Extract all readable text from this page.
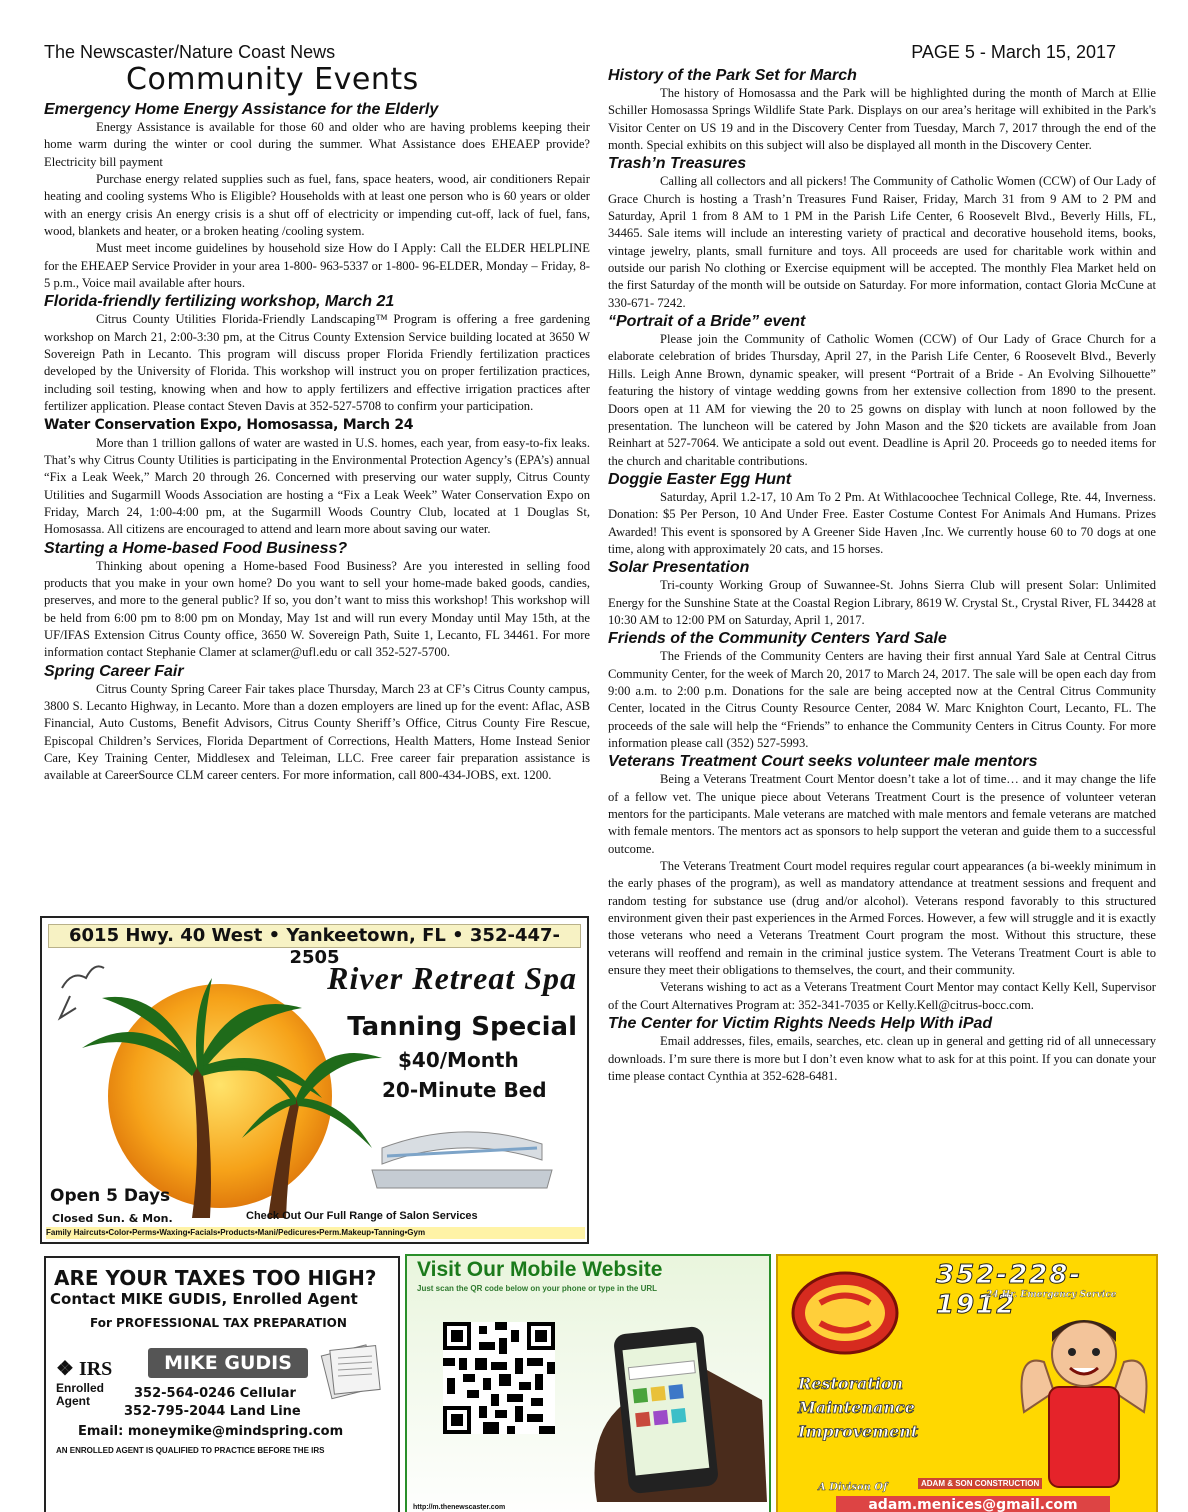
The Newscaster/Nature Coast News	PAGE 5 - March 15, 2017
Community Events
Emergency Home Energy Assistance for the Elderly

Energy Assistance is available for those 60 and older who are having problems keeping their home warm during the winter or cool during the summer. What Assistance does EHEAEP provide? Electricity bill payment

Purchase energy related supplies such as fuel, fans, space heaters, wood, air conditioners Repair heating and cooling systems Who is Eligible? Households with at least one person who is 60 years or older with an energy crisis An energy crisis is a shut off of electricity or impending cut-off, lack of fuel, fans, wood, blankets and heater, or a broken heating /cooling system.

Must meet income guidelines by household size How do I Apply: Call the ELDER HELPLINE for the EHEAEP Service Provider in your area 1-800- 963-5337 or 1-800- 96-ELDER, Monday – Friday, 8-5 p.m., Voice mail available after hours.

Florida-friendly fertilizing workshop, March 21

Citrus County Utilities Florida-Friendly Landscaping™ Program is offering a free gardening workshop on March 21, 2:00-3:30 pm, at the Citrus County Extension Service building located at 3650 W Sovereign Path in Lecanto. This program will discuss proper Florida Friendly fertilization practices developed by the University of Florida. This workshop will instruct you on proper fertilization practices, including soil testing, knowing when and how to apply fertilizers and effective irrigation practices after fertilizer application. Please contact Steven Davis at 352-527-5708 to confirm your participation.

Water Conservation Expo, Homosassa, March 24

More than 1 trillion gallons of water are wasted in U.S. homes, each year, from easy-to-fix leaks. That’s why Citrus County Utilities is participating in the Environmental Protection Agency’s (EPA’s) annual “Fix a Leak Week,” March 20 through 26. Concerned with preserving our water supply, Citrus County Utilities and Sugarmill Woods Association are hosting a “Fix a Leak Week” Water Conservation Expo on Friday, March 24, 1:00-4:00 pm, at the Sugarmill Woods Country Club, located at 1 Douglas St, Homosassa. All citizens are encouraged to attend and learn more about saving our water.

Starting a Home-based Food Business?

Thinking about opening a Home-based Food Business? Are you interested in selling food products that you make in your own home? Do you want to sell your home-made baked goods, candies, preserves, and more to the general public? If so, you don’t want to miss this workshop! This workshop will be held from 6:00 pm to 8:00 pm on Monday, May 1st and will run every Monday until May 15th, at the UF/IFAS Extension Citrus County office, 3650 W. Sovereign Path, Suite 1, Lecanto, FL 34461. For more information contact Stephanie Clamer at sclamer@ufl.edu or call 352-527-5700.

Spring Career Fair

Citrus County Spring Career Fair takes place Thursday, March 23 at CF’s Citrus County campus, 3800 S. Lecanto Highway, in Lecanto. More than a dozen employers are lined up for the event: Aflac, ASB Financial, Auto Customs, Benefit Advisors, Citrus County Sheriff’s Office, Citrus County Fire Rescue, Episcopal Children’s Services, Florida Department of Corrections, Health Matters, Home Instead Senior Care, Key Training Center, Middlesex and Teleiman, LLC. Free career fair preparation assistance is available at CareerSource CLM career centers. For more information, call 800-434-JOBS, ext. 1200.

History of the Park Set for March

The history of Homosassa and the Park will be highlighted during the month of March at Ellie Schiller Homosassa Springs Wildlife State Park. Displays on our area’s heritage will exhibited in the Park's Visitor Center on US 19 and in the Discovery Center from Tuesday, March 7, 2017 through the end of the month. Special exhibits on this subject will also be displayed all month in the Discovery Center.

Trash’n Treasures

Calling all collectors and all pickers! The Community of Catholic Women (CCW) of Our Lady of Grace Church is hosting a Trash’n Treasures Fund Raiser, Friday, March 31 from 9 AM to 2 PM and Saturday, April 1 from 8 AM to 1 PM in the Parish Life Center, 6 Roosevelt Blvd., Beverly Hills, FL, 34465. Sale items will include an interesting variety of practical and decorative household items, books, vintage jewelry, plants, small furniture and toys. All proceeds are used for charitable work within and outside our parish No clothing or Exercise equipment will be accepted. The monthly Flea Market held on the first Saturday of the month will be outside on Saturday. For more information, contact Gloria McCune at 330-671- 7242.

“Portrait of a Bride” event

Please join the Community of Catholic Women (CCW) of Our Lady of Grace Church for a elaborate celebration of brides Thursday, April 27, in the Parish Life Center, 6 Roosevelt Blvd., Beverly Hills. Leigh Anne Brown, dynamic speaker, will present “Portrait of a Bride - An Evolving Silhouette” featuring the history of vintage wedding gowns from her extensive collection from 1890 to the present. Doors open at 11 AM for viewing the 20 to 25 gowns on display with lunch at noon followed by the presentation. The luncheon will be catered by John Mason and the $20 tickets are available from Joan Reinhart at 527-7064. We anticipate a sold out event. Deadline is April 20. Proceeds go to needed items for the church and charitable contributions.

Doggie Easter Egg Hunt

Saturday, April 1.2-17, 10 Am To 2 Pm. At Withlacoochee Technical College, Rte. 44, Inverness. Donation: $5 Per Person, 10 And Under Free. Easter Costume Contest For Animals And Humans. Prizes Awarded! This event is sponsored by A Greener Side Haven ,Inc. We currently house 60 to 70 dogs at one time, along with approximately 20 cats, and 15 horses.

Solar Presentation

Tri-county Working Group of Suwannee-St. Johns Sierra Club will present Solar: Unlimited Energy for the Sunshine State at the Coastal Region Library, 8619 W. Crystal St., Crystal River, FL 34428 at 10:30 AM to 12:00 PM on Saturday, April 1, 2017.

Friends of the Community Centers Yard Sale

The Friends of the Community Centers are having their first annual Yard Sale at Central Citrus Community Center, for the week of March 20, 2017 to March 24, 2017. The sale will be open each day from 9:00 a.m. to 2:00 p.m. Donations for the sale are being accepted now at the Central Citrus Community Center, located in the Citrus County Resource Center, 2084 W. Marc Knighton Court, Lecanto, FL. The proceeds of the sale will help the “Friends” to enhance the Community Centers in Citrus County. For more information please call (352) 527-5993.

Veterans Treatment Court seeks volunteer male mentors

Being a Veterans Treatment Court Mentor doesn’t take a lot of time… and it may change the life of a fellow vet. The unique piece about Veterans Treatment Court is the presence of volunteer veteran mentors for the participants. Male veterans are matched with male mentors and female veterans are matched with female mentors. The mentors act as sponsors to help support the veteran and guide them to a successful outcome.

The Veterans Treatment Court model requires regular court appearances (a bi-weekly minimum in the early phases of the program), as well as mandatory attendance at treatment sessions and frequent and random testing for substance use (drug and/or alcohol). Veterans respond favorably to this structured environment given their past experiences in the Armed Forces. However, a few will struggle and it is exactly those veterans who need a Veterans Treatment Court program the most. Without this structure, these veterans will reoffend and remain in the criminal justice system. The Veterans Treatment Court is able to ensure they meet their obligations to themselves, the court, and their community.

Veterans wishing to act as a Veterans Treatment Court Mentor may contact Kelly Kell, Supervisor of the Court Alternatives Program at: 352-341-7035 or Kelly.Kell@citrus-bocc.com.

The Center for Victim Rights Needs Help With iPad

Email addresses, files, emails, searches, etc. clean up in general and getting rid of all unnecessary downloads. I’m sure there is more but I don’t even know what to ask for at this point. If you can donate your time please contact Cynthia at 352-628-6481.

6015 Hwy. 40 West • Yankeetown, FL • 352-447-2505
River Retreat Spa
Tanning Special
$40/Month
20-Minute Bed
Open 5 Days
Closed Sun. & Mon.	Check Out Our Full Range of Salon Services
Family Haircuts•Color•Perms•Waxing•Facials•Products•Mani/Pedicures•Perm.Makeup•Tanning•Gym
ARE YOUR TAXES TOO HIGH?
Contact MIKE GUDIS, Enrolled Agent
For PROFESSIONAL TAX PREPARATION
❖ IRS	MIKE GUDIS
Enrolled
Agent	352-564-0246 Cellular
352-795-2044 Land Line
Email: moneymike@mindspring.com
AN ENROLLED AGENT IS QUALIFIED TO PRACTICE BEFORE THE IRS
Visit Our Mobile Website
Just scan the QR code below on your phone or type in the URL
http://m.thenewscaster.com
352-228-1912
24 Hr. Emergency Service
Restoration
Maintenance
Improvement
A Divison Of	ADAM & SON CONSTRUCTION
adam.menices@gmail.com
